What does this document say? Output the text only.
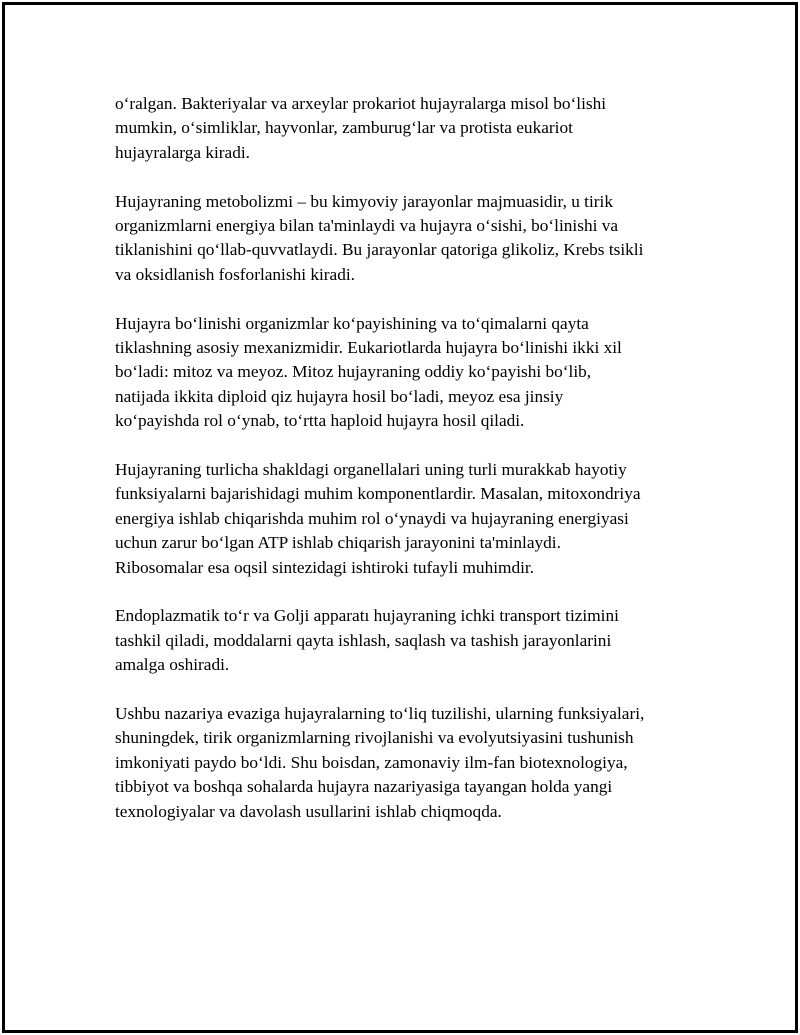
o‘ralgan. Bakteriyalar va arxeylar prokariot hujayralarga misol bo‘lishi
mumkin, o‘simliklar, hayvonlar, zamburug‘lar va protista eukariot
hujayralarga kiradi.

Hujayraning metobolizmi – bu kimyoviy jarayonlar majmuasidir, u tirik
organizmlarni energiya bilan ta'minlaydi va hujayra o‘sishi, bo‘linishi va
tiklanishini qo‘llab-quvvatlaydi. Bu jarayonlar qatoriga glikoliz, Krebs tsikli
va oksidlanish fosforlanishi kiradi.

Hujayra bo‘linishi organizmlar ko‘payishining va to‘qimalarni qayta
tiklashning asosiy mexanizmidir. Eukariotlarda hujayra bo‘linishi ikki xil
bo‘ladi: mitoz va meyoz. Mitoz hujayraning oddiy ko‘payishi bo‘lib,
natijada ikkita diploid qiz hujayra hosil bo‘ladi, meyoz esa jinsiy
ko‘payishda rol o‘ynab, to‘rtta haploid hujayra hosil qiladi.

Hujayraning turlicha shakldagi organellalari uning turli murakkab hayotiy
funksiyalarni bajarishidagi muhim komponentlardir. Masalan, mitoxondriya
energiya ishlab chiqarishda muhim rol o‘ynaydi va hujayraning energiyasi
uchun zarur bo‘lgan ATP ishlab chiqarish jarayonini ta'minlaydi.
Ribosomalar esa oqsil sintezidagi ishtiroki tufayli muhimdir.

Endoplazmatik to‘r va Golji apparatı hujayraning ichki transport tizimini
tashkil qiladi, moddalarni qayta ishlash, saqlash va tashish jarayonlarini
amalga oshiradi.

Ushbu nazariya evaziga hujayralarning to‘liq tuzilishi, ularning funksiyalari,
shuningdek, tirik organizmlarning rivojlanishi va evolyutsiyasini tushunish
imkoniyati paydo bo‘ldi. Shu boisdan, zamonaviy ilm-fan biotexnologiya,
tibbiyot va boshqa sohalarda hujayra nazariyasiga tayangan holda yangi
texnologiyalar va davolash usullarini ishlab chiqmoqda.
